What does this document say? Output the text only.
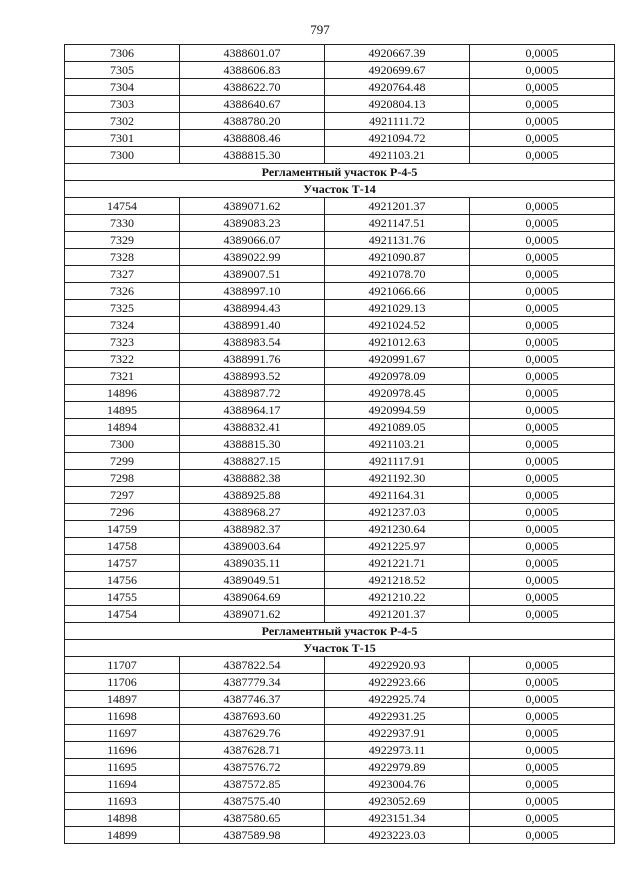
797
7306	4388601.07	4920667.39	0,0005
7305	4388606.83	4920699.67	0,0005
7304	4388622.70	4920764.48	0,0005
7303	4388640.67	4920804.13	0,0005
7302	4388780.20	4921111.72	0,0005
7301	4388808.46	4921094.72	0,0005
7300	4388815.30	4921103.21	0,0005
Регламентный участок Р-4-5			
Участок Т-14			
14754	4389071.62	4921201.37	0,0005
7330	4389083.23	4921147.51	0,0005
7329	4389066.07	4921131.76	0,0005
7328	4389022.99	4921090.87	0,0005
7327	4389007.51	4921078.70	0,0005
7326	4388997.10	4921066.66	0,0005
7325	4388994.43	4921029.13	0,0005
7324	4388991.40	4921024.52	0,0005
7323	4388983.54	4921012.63	0,0005
7322	4388991.76	4920991.67	0,0005
7321	4388993.52	4920978.09	0,0005
14896	4388987.72	4920978.45	0,0005
14895	4388964.17	4920994.59	0,0005
14894	4388832.41	4921089.05	0,0005
7300	4388815.30	4921103.21	0,0005
7299	4388827.15	4921117.91	0,0005
7298	4388882.38	4921192.30	0,0005
7297	4388925.88	4921164.31	0,0005
7296	4388968.27	4921237.03	0,0005
14759	4388982.37	4921230.64	0,0005
14758	4389003.64	4921225.97	0,0005
14757	4389035.11	4921221.71	0,0005
14756	4389049.51	4921218.52	0,0005
14755	4389064.69	4921210.22	0,0005
14754	4389071.62	4921201.37	0,0005
Регламентный участок Р-4-5			
Участок Т-15			
11707	4387822.54	4922920.93	0,0005
11706	4387779.34	4922923.66	0,0005
14897	4387746.37	4922925.74	0,0005
11698	4387693.60	4922931.25	0,0005
11697	4387629.76	4922937.91	0,0005
11696	4387628.71	4922973.11	0,0005
11695	4387576.72	4922979.89	0,0005
11694	4387572.85	4923004.76	0,0005
11693	4387575.40	4923052.69	0,0005
14898	4387580.65	4923151.34	0,0005
14899	4387589.98	4923223.03	0,0005
